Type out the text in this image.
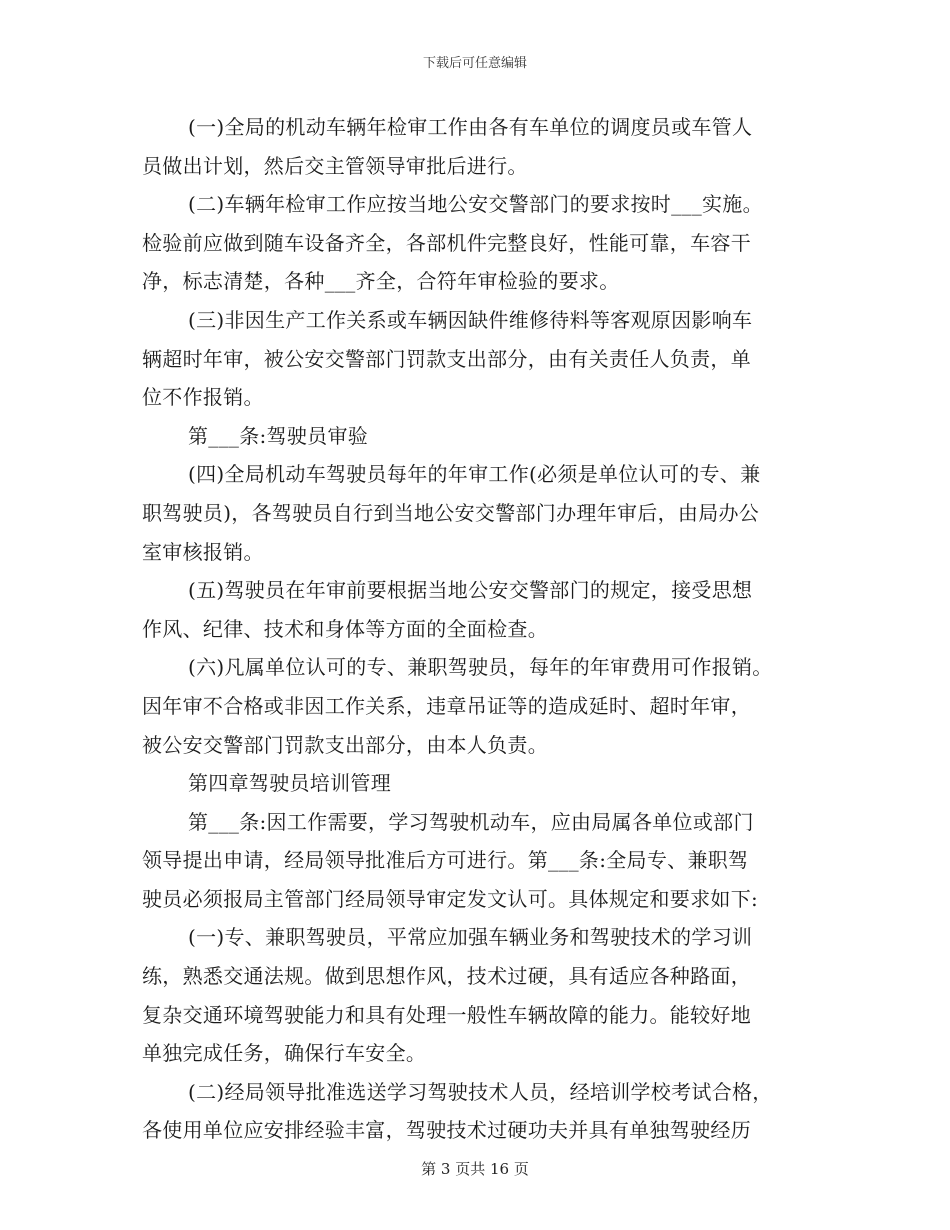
下载后可任意编辑
(一)全局的机动车辆年检审工作由各有车单位的调度员或车管人
员做出计划，然后交主管领导审批后进行。
(二)车辆年检审工作应按当地公安交警部门的要求按时___实施。
检验前应做到随车设备齐全，各部机件完整良好，性能可靠，车容干
净，标志清楚，各种___齐全，合符年审检验的要求。
(三)非因生产工作关系或车辆因缺件维修待料等客观原因影响车
辆超时年审，被公安交警部门罚款支出部分，由有关责任人负责，单
位不作报销。
第___条:驾驶员审验
(四)全局机动车驾驶员每年的年审工作(必须是单位认可的专、兼
职驾驶员)，各驾驶员自行到当地公安交警部门办理年审后，由局办公
室审核报销。
(五)驾驶员在年审前要根据当地公安交警部门的规定，接受思想
作风、纪律、技术和身体等方面的全面检查。
(六)凡属单位认可的专、兼职驾驶员，每年的年审费用可作报销。
因年审不合格或非因工作关系，违章吊证等的造成延时、超时年审，
被公安交警部门罚款支出部分，由本人负责。
第四章驾驶员培训管理
第___条:因工作需要，学习驾驶机动车，应由局属各单位或部门
领导提出申请，经局领导批准后方可进行。第___条:全局专、兼职驾
驶员必须报局主管部门经局领导审定发文认可。具体规定和要求如下:
(一)专、兼职驾驶员，平常应加强车辆业务和驾驶技术的学习训
练，熟悉交通法规。做到思想作风，技术过硬，具有适应各种路面，
复杂交通环境驾驶能力和具有处理一般性车辆故障的能力。能较好地
单独完成任务，确保行车安全。
(二)经局领导批准选送学习驾驶技术人员，经培训学校考试合格，
各使用单位应安排经验丰富，驾驶技术过硬功夫并具有单独驾驶经历
第 3 页共 16 页
